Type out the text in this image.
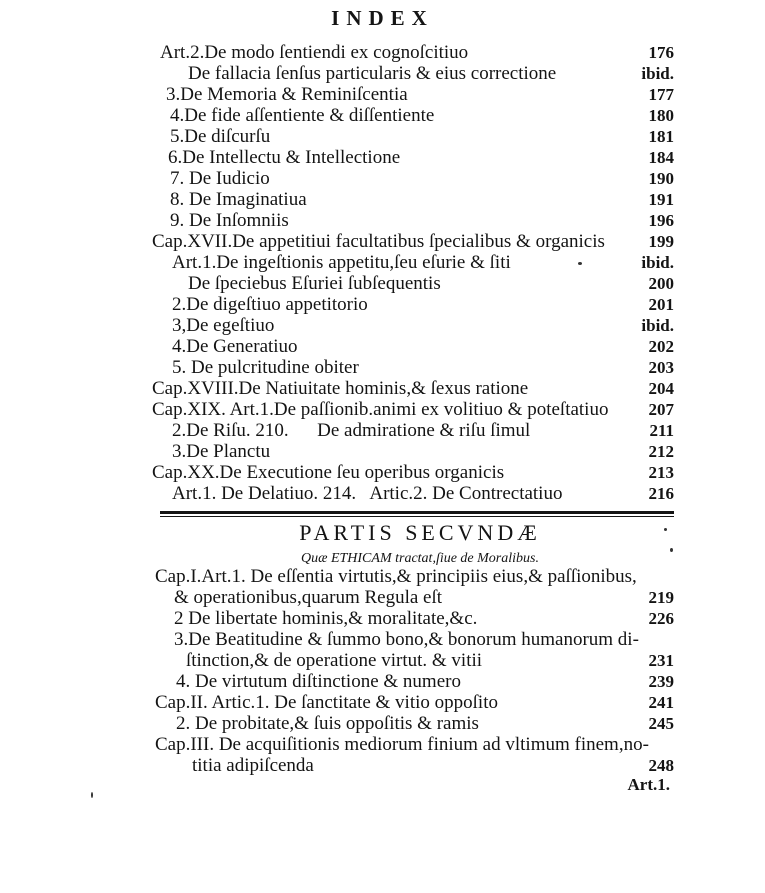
INDEX
Art.2.De modo ſentiendi ex cognoſcitiuo	176
De fallacia ſenſus particularis & eius correctione	ibid.
3.De Memoria & Reminiſcentia	177
4.De fide aſſentiente & diſſentiente	180
5.De diſcurſu	181
6.De Intellectu & Intellectione	184
7. De Iudicio	190
8. De Imaginatiua	191
9. De Inſomniis	196
Cap.XVII.De appetitiui facultatibus ſpecialibus & organicis	199
Art.1.De ingeſtionis appetitu,ſeu eſurie & ſiti	ibid.
De ſpeciebus Eſuriei ſubſequentis	200
2.De digeſtiuo appetitorio	201
3,De egeſtiuo	ibid.
4.De Generatiuo	202
5. De pulcritudine obiter	203
Cap.XVIII.De Natiuitate hominis,& ſexus ratione	204
Cap.XIX. Art.1.De paſſionib.animi ex volitiuo & poteſtatiuo 207
2.De Riſu. 210.      De admiratione & riſu ſimul	211
3.De Planctu	212
Cap.XX.De Executione ſeu operibus organicis	213
Art.1. De Delatiuo. 214.   Artic.2. De Contrectatiuo	216
PARTIS SECVNDÆ
Quæ ETHICAM tractat,ſiue de Moralibus.
Cap.I.Art.1. De eſſentia virtutis,& principiis eius,& paſſionibus,
& operationibus,quarum Regula eſt	219
2 De libertate hominis,& moralitate,&c.	226
3.De Beatitudine & ſummo bono,& bonorum humanorum di-
ſtinction,& de operatione virtut. & vitii	231
4. De virtutum diſtinctione & numero	239
Cap.II. Artic.1. De ſanctitate & vitio oppoſito	241
2. De probitate,& ſuis oppoſitis & ramis	245
Cap.III. De acquiſitionis mediorum finium ad vltimum finem,no-
titia adipiſcenda	248
Art.1.
